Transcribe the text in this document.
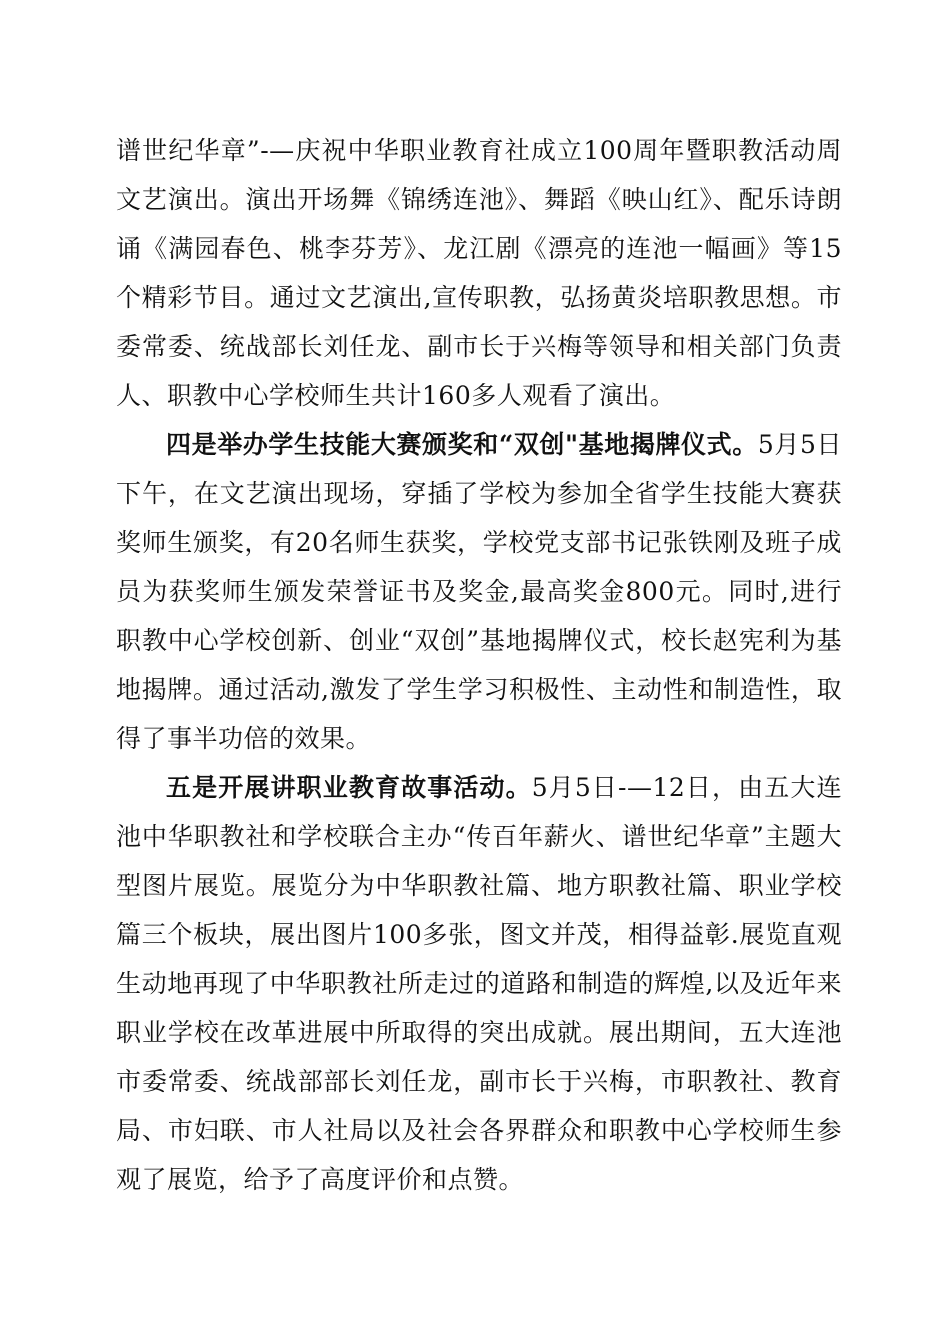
谱世纪华章”-—庆祝中华职业教育社成立100周年暨职教活动周文艺演出。演出开场舞《锦绣连池》、舞蹈《映山红》、配乐诗朗诵《满园春色、桃李芬芳》、龙江剧《漂亮的连池一幅画》等15个精彩节目。通过文艺演出,宣传职教，弘扬黄炎培职教思想。市委常委、统战部长刘任龙、副市长于兴梅等领导和相关部门负责人、职教中心学校师生共计160多人观看了演出。

四是举办学生技能大赛颁奖和“双创"基地揭牌仪式。5月5日下午，在文艺演出现场，穿插了学校为参加全省学生技能大赛获奖师生颁奖，有20名师生获奖，学校党支部书记张铁刚及班子成员为获奖师生颁发荣誉证书及奖金,最高奖金800元。同时,进行职教中心学校创新、创业“双创”基地揭牌仪式，校长赵宪利为基地揭牌。通过活动,激发了学生学习积极性、主动性和制造性，取得了事半功倍的效果。

五是开展讲职业教育故事活动。5月5日-—12日，由五大连池中华职教社和学校联合主办“传百年薪火、谱世纪华章”主题大型图片展览。展览分为中华职教社篇、地方职教社篇、职业学校篇三个板块，展出图片100多张，图文并茂，相得益彰.展览直观生动地再现了中华职教社所走过的道路和制造的辉煌,以及近年来职业学校在改革进展中所取得的突出成就。展出期间，五大连池市委常委、统战部部长刘任龙，副市长于兴梅，市职教社、教育局、市妇联、市人社局以及社会各界群众和职教中心学校师生参观了展览，给予了高度评价和点赞。
